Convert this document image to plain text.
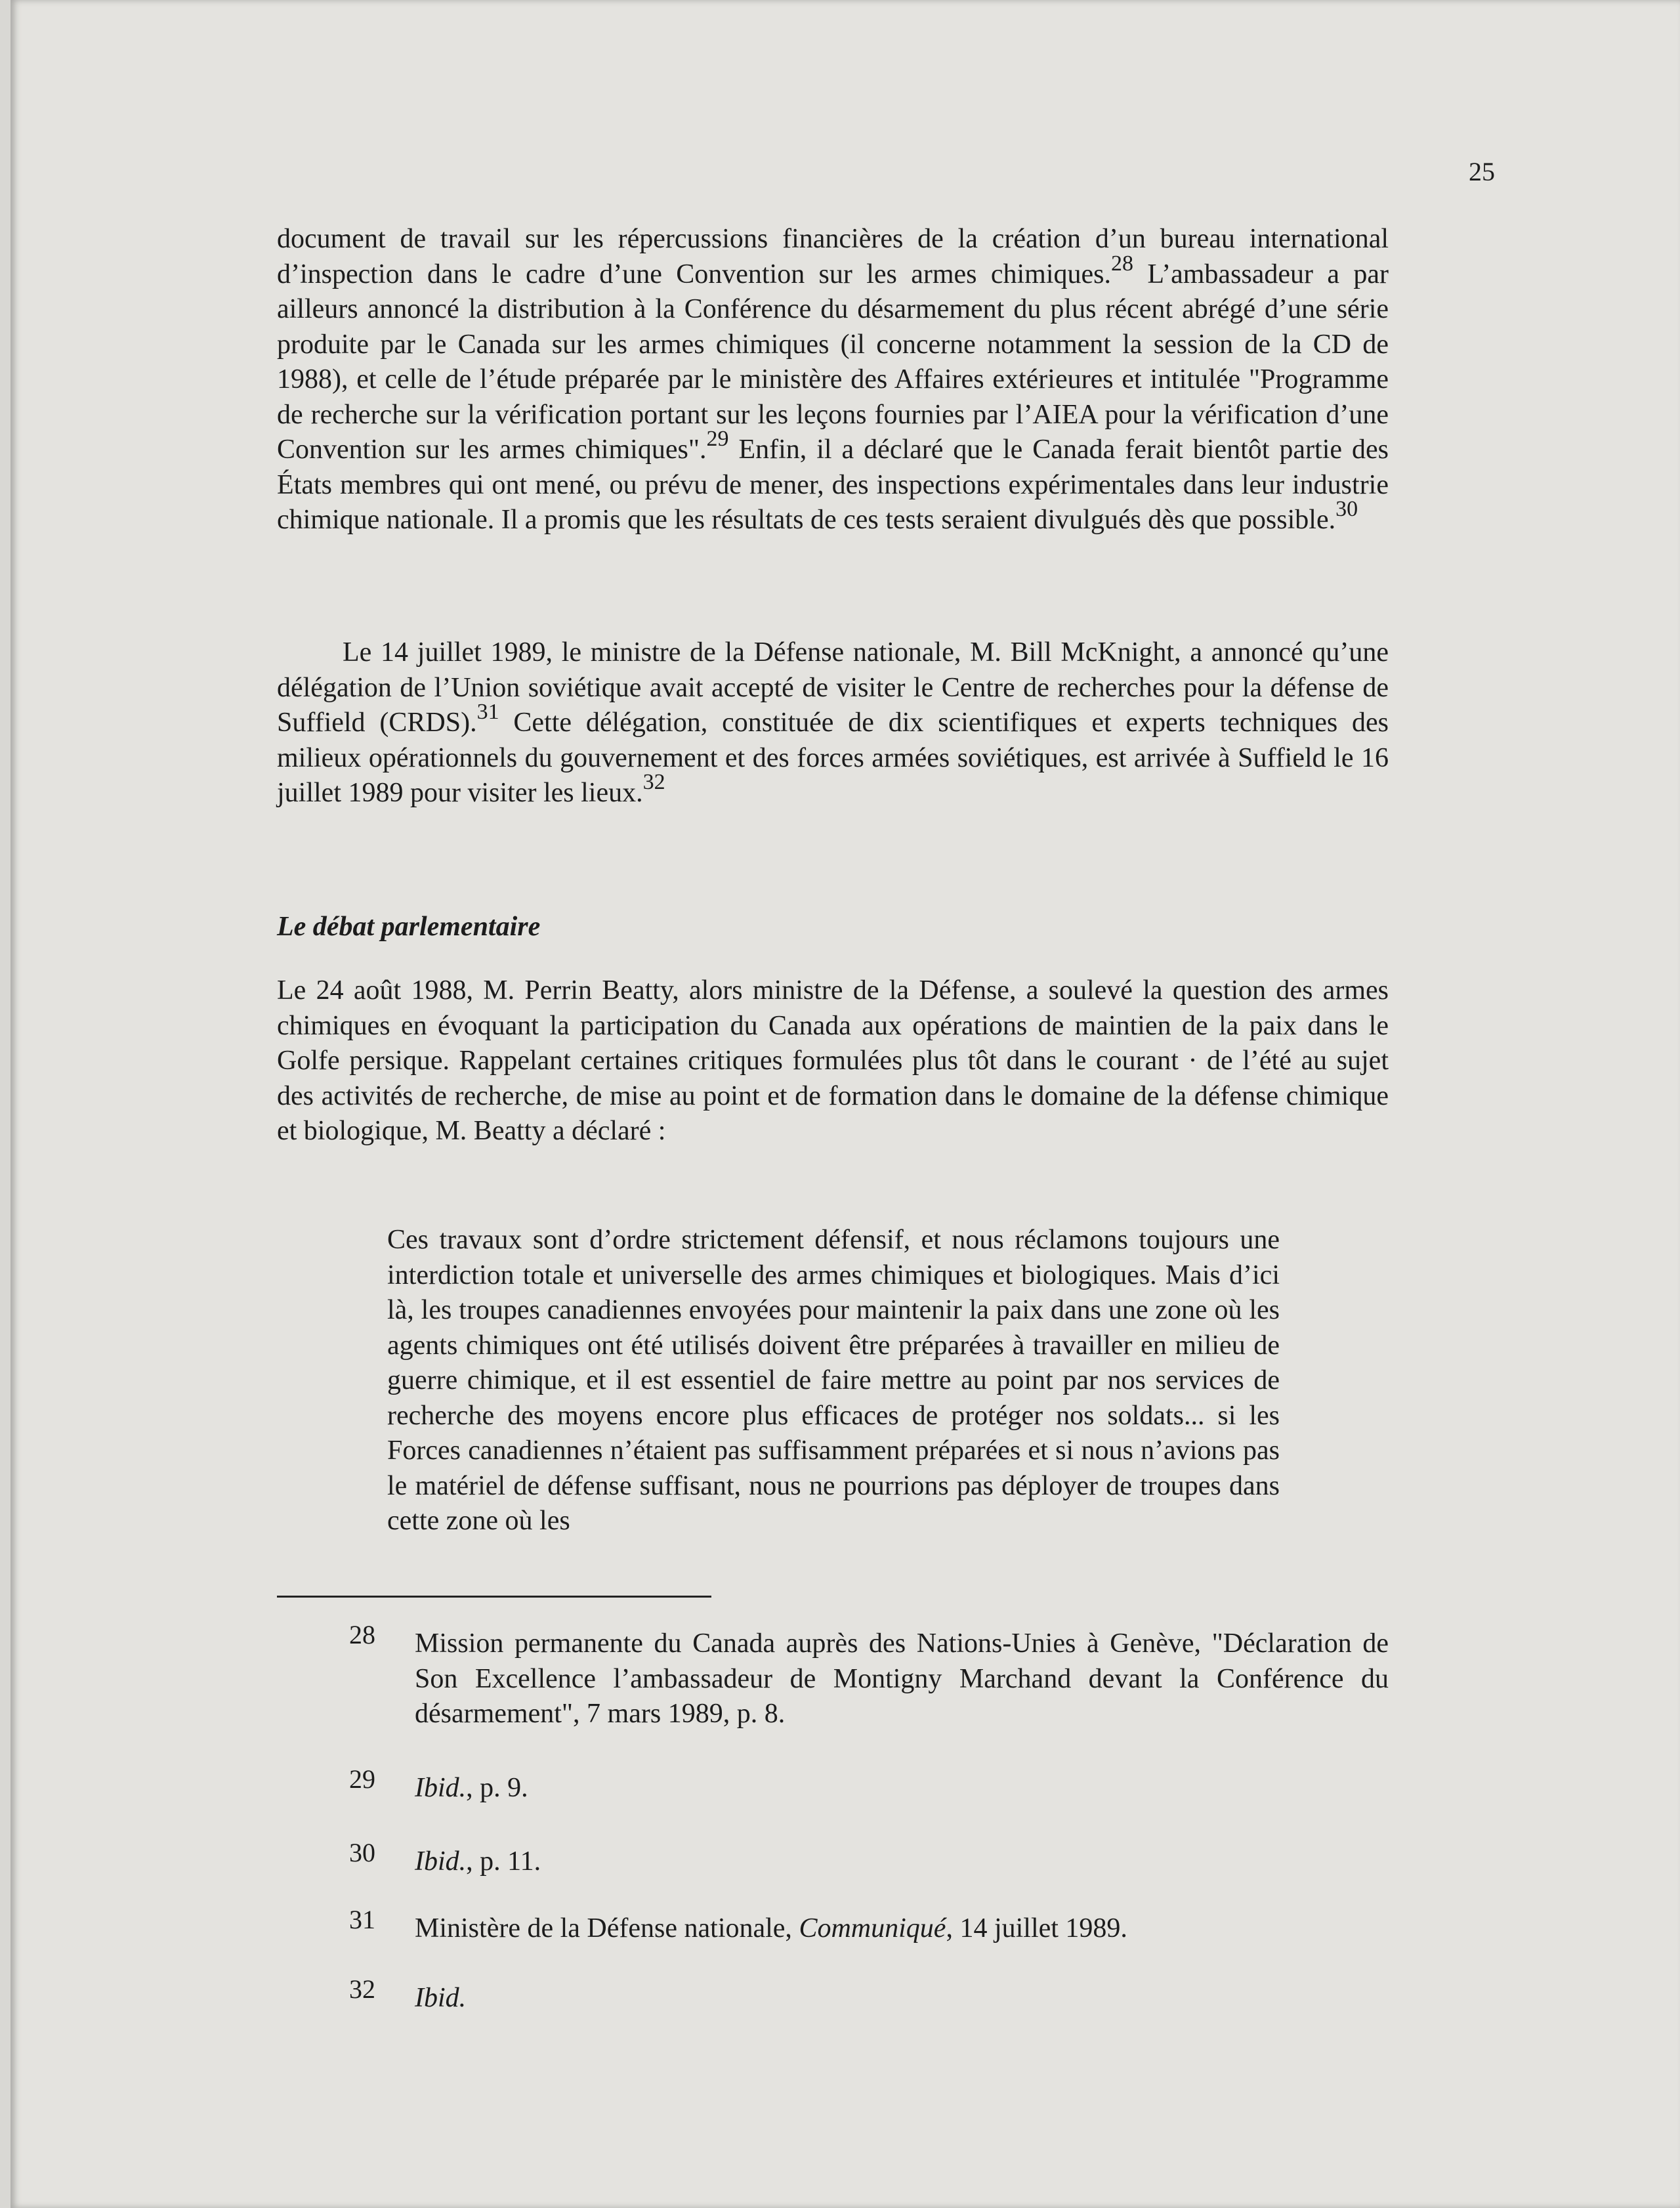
25
document de travail sur les répercussions financières de la création d’un bureau international d’inspection dans le cadre d’une Convention sur les armes chimiques.$^{28}$ L’ambassadeur a par ailleurs annoncé la distribution à la Conférence du désarmement du plus récent abrégé d’une série produite par le Canada sur les armes chimiques (il concerne notamment la session de la CD de 1988), et celle de l’étude préparée par le ministère des Affaires extérieures et intitulée "Programme de recherche sur la vérification portant sur les leçons fournies par l’AIEA pour la vérification d’une Convention sur les armes chimiques".$^{29}$ Enfin, il a déclaré que le Canada ferait bientôt partie des États membres qui ont mené, ou prévu de mener, des inspections expérimentales dans leur industrie chimique nationale. Il a promis que les résultats de ces tests seraient divulgués dès que possible.$^{30}$
Le 14 juillet 1989, le ministre de la Défense nationale, M. Bill McKnight, a annoncé qu’une délégation de l’Union soviétique avait accepté de visiter le Centre de recherches pour la défense de Suffield (CRDS).$^{31}$ Cette délégation, constituée de dix scientifiques et experts techniques des milieux opérationnels du gouvernement et des forces armées soviétiques, est arrivée à Suffield le 16 juillet 1989 pour visiter les lieux.$^{32}$
Le débat parlementaire
Le 24 août 1988, M. Perrin Beatty, alors ministre de la Défense, a soulevé la question des armes chimiques en évoquant la participation du Canada aux opérations de maintien de la paix dans le Golfe persique. Rappelant certaines critiques formulées plus tôt dans le courant · de l’été au sujet des activités de recherche, de mise au point et de formation dans le domaine de la défense chimique et biologique, M. Beatty a déclaré :
Ces travaux sont d’ordre strictement défensif, et nous réclamons toujours une interdiction totale et universelle des armes chimiques et biologiques. Mais d’ici là, les troupes canadiennes envoyées pour maintenir la paix dans une zone où les agents chimiques ont été utilisés doivent être préparées à travailler en milieu de guerre chimique, et il est essentiel de faire mettre au point par nos services de recherche des moyens encore plus efficaces de protéger nos soldats... si les Forces canadiennes n’étaient pas suffisamment préparées et si nous n’avions pas le matériel de défense suffisant, nous ne pourrions pas déployer de troupes dans cette zone où les
28	Mission permanente du Canada auprès des Nations-Unies à Genève, "Déclaration de Son Excellence l’ambassadeur de Montigny Marchand devant la Conférence du désarmement", 7 mars 1989, p. 8.
29	Ibid., p. 9.
30	Ibid., p. 11.
31	Ministère de la Défense nationale, Communiqué, 14 juillet 1989.
32	Ibid.
